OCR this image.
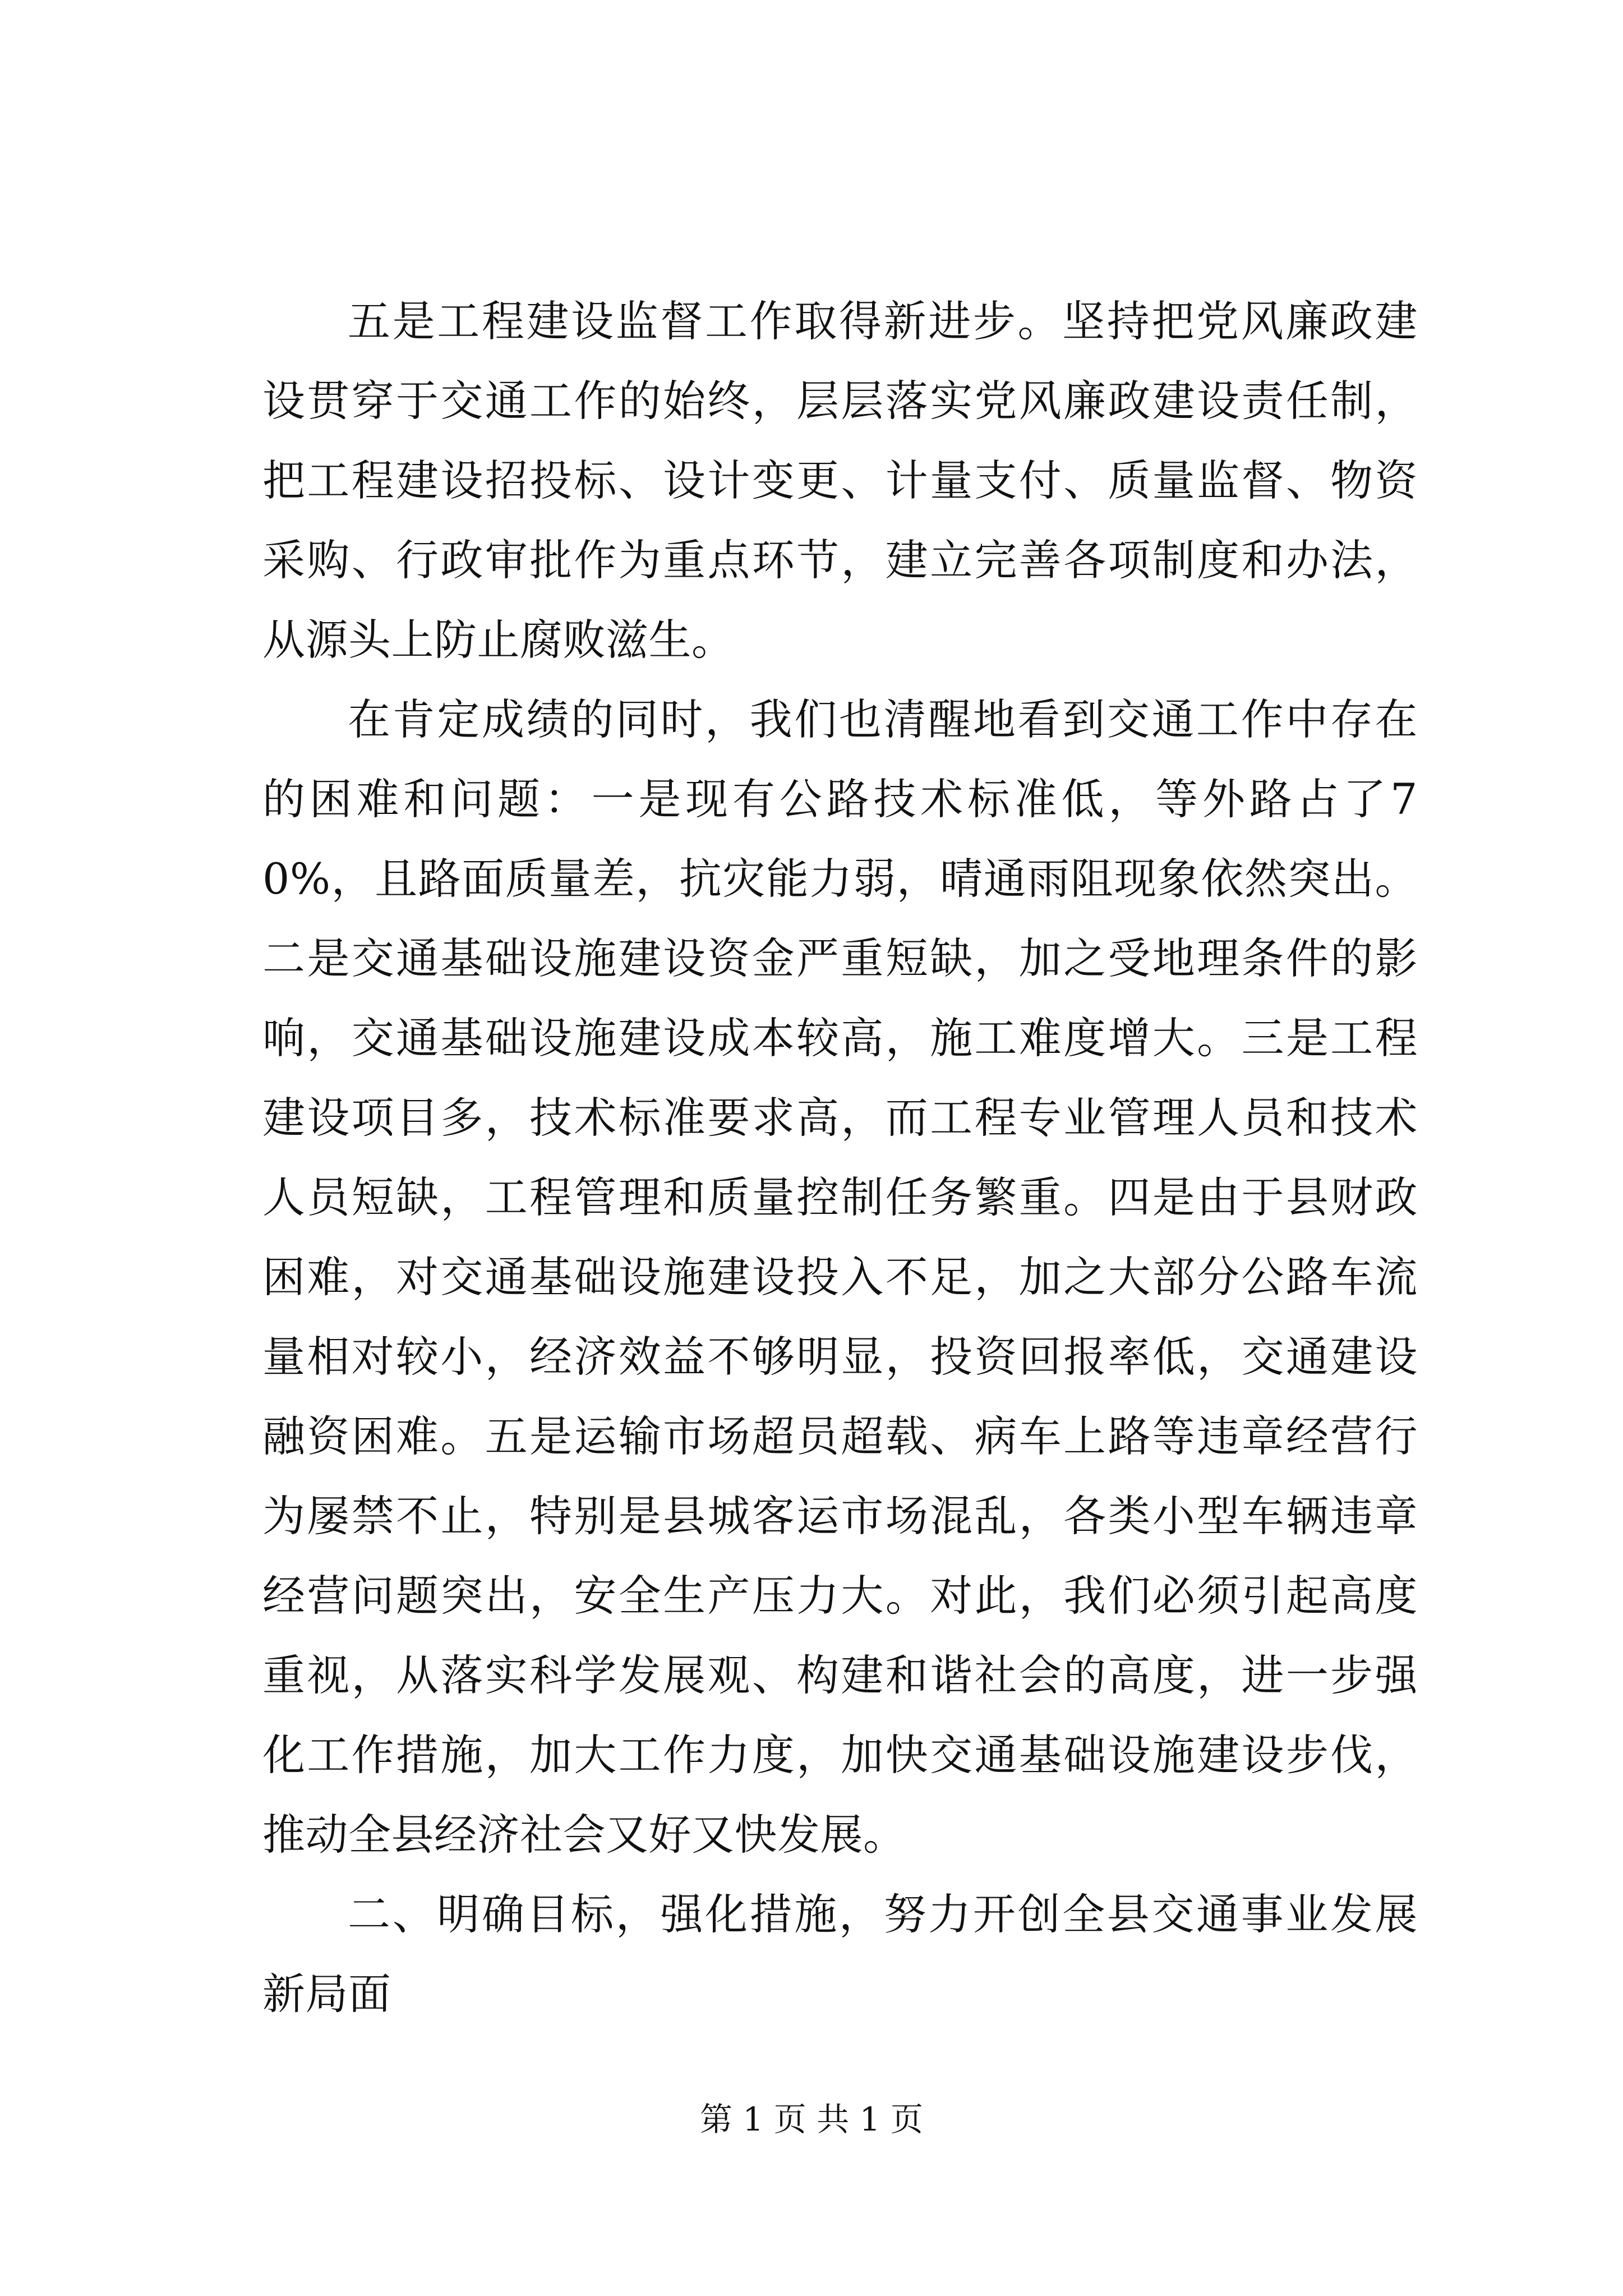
五是工程建设监督工作取得新进步。坚持把党风廉政建设贯穿于交通工作的始终，层层落实党风廉政建设责任制，把工程建设招投标、设计变更、计量支付、质量监督、物资采购、行政审批作为重点环节，建立完善各项制度和办法，从源头上防止腐败滋生。

在肯定成绩的同时，我们也清醒地看到交通工作中存在的困难和问题：一是现有公路技术标准低，等外路占了70%，且路面质量差，抗灾能力弱，晴通雨阻现象依然突出。二是交通基础设施建设资金严重短缺，加之受地理条件的影响，交通基础设施建设成本较高，施工难度增大。三是工程建设项目多，技术标准要求高，而工程专业管理人员和技术人员短缺，工程管理和质量控制任务繁重。四是由于县财政困难，对交通基础设施建设投入不足，加之大部分公路车流量相对较小，经济效益不够明显，投资回报率低，交通建设融资困难。五是运输市场超员超载、病车上路等违章经营行为屡禁不止，特别是县城客运市场混乱，各类小型车辆违章经营问题突出，安全生产压力大。对此，我们必须引起高度重视，从落实科学发展观、构建和谐社会的高度，进一步强化工作措施，加大工作力度，加快交通基础设施建设步伐，推动全县经济社会又好又快发展。

二、明确目标，强化措施，努力开创全县交通事业发展新局面

第 1 页 共 1 页
